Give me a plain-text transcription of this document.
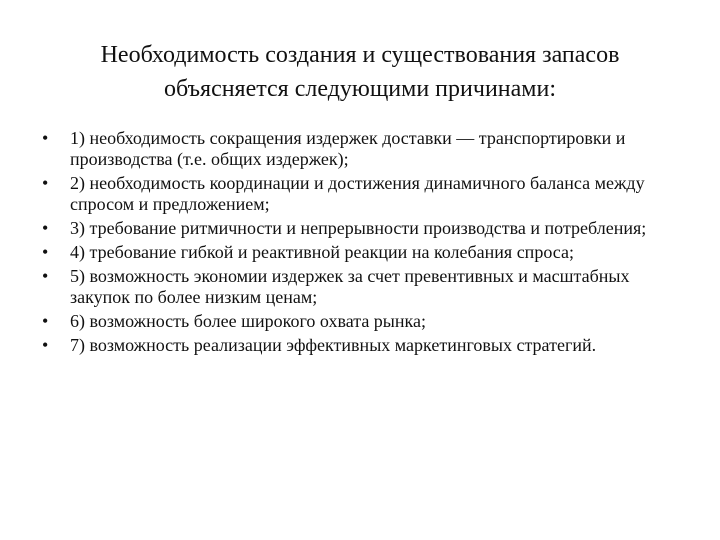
Необходимость создания и существования запасов
объясняется следующими причинами:
•	1) необходимость сокращения издержек доставки — транспортировки и производства (т.е. общих издержек);
•	2) необходимость координации и достижения динамичного баланса между спросом и предложением;
•	3) требование ритмичности и непрерывности производства и потребления;
•	4) требование гибкой и реактивной реакции на колебания спроса;
•	5) возможность экономии издержек за счет превентивных и масштабных закупок по более низким ценам;
•	6) возможность более широкого охвата рынка;
•	7) возможность реализации эффективных маркетинговых стратегий.
